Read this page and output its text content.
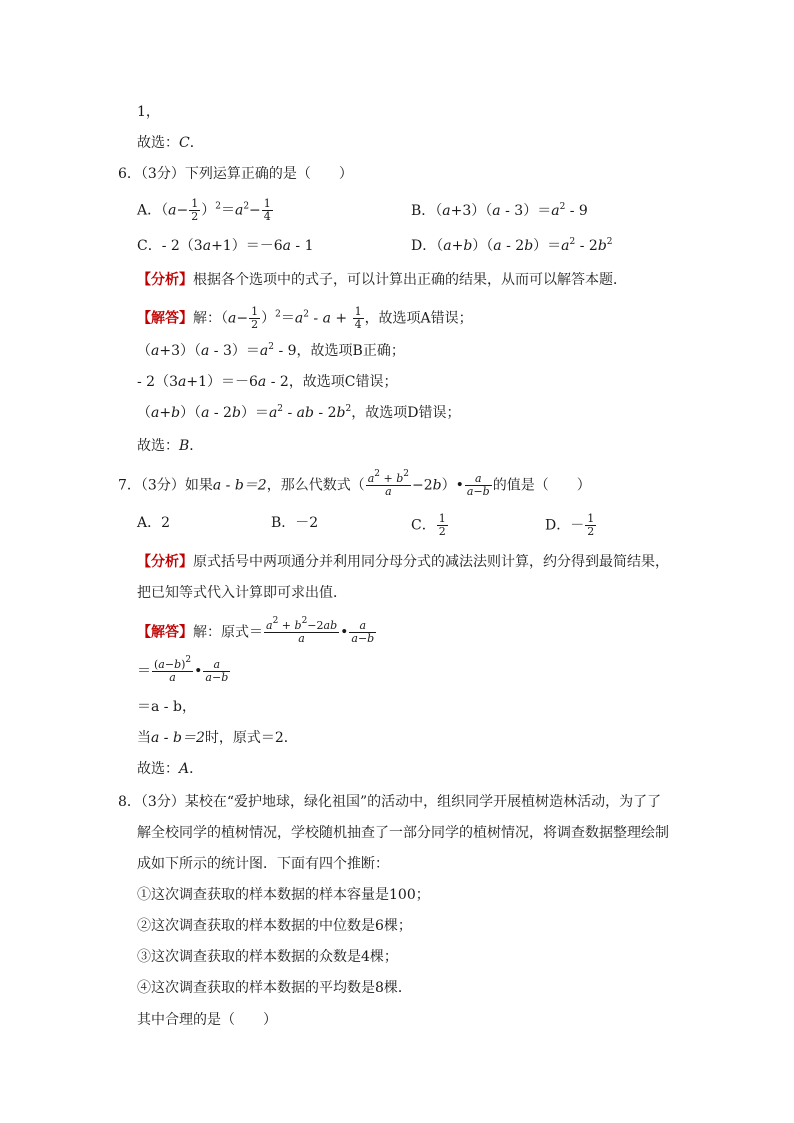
1，
故选：C．
6．（3分）下列运算正确的是（　　）
A．$(a- \frac{1}{2} )^2=a^2- \frac{1}{4}$	B．$(a+3)(a - 3)=a^2 - 9$
C．- 2（3a+1）＝－6a - 1	D．$(a+b)(a - 2b)=a^2 - 2b^2$
【分析】根据各个选项中的式子，可以计算出正确的结果，从而可以解答本题．
【解答】解：$(a- \frac{1}{2} )^2=a^2 - a + \frac{1}{4}$ ，故选项A错误；
$(a+3)(a - 3)=a^2 - 9$，故选项B正确；
- 2（3a+1）＝－6a - 2，故选项C错误；
$(a+b)(a - 2b)=a^2$ - ab - $2b^2$，故选项D错误；
故选：B．
7．（3分）如果a - b＝2，那么代数式（ $\frac{a^2 + b^2}{a}$ −2b）• $\frac{a}{a-b}$ 的值是（　　）
A．2	B．－2	C． $\frac{1}{2}$	D．－ $\frac{1}{2}$
【分析】原式括号中两项通分并利用同分母分式的减法法则计算，约分得到最简结果，
把已知等式代入计算即可求出值．
【解答】解：原式＝ $\frac{a^2 + b^2-2ab}{a}$ • $\frac{a}{a-b}$
＝ $\frac{(a-b)^2}{a}$ • $\frac{a}{a-b}$
＝a - b，
当a - b＝2时，原式＝2．
故选：A．
8．（3分）某校在“爱护地球，绿化祖国”的活动中，组织同学开展植树造林活动，为了了
解全校同学的植树情况，学校随机抽查了一部分同学的植树情况，将调查数据整理绘制
成如下所示的统计图．下面有四个推断：
①这次调查获取的样本数据的样本容量是100；
②这次调查获取的样本数据的中位数是6棵；
③这次调查获取的样本数据的众数是4棵；
④这次调查获取的样本数据的平均数是8棵．
其中合理的是（　　）
